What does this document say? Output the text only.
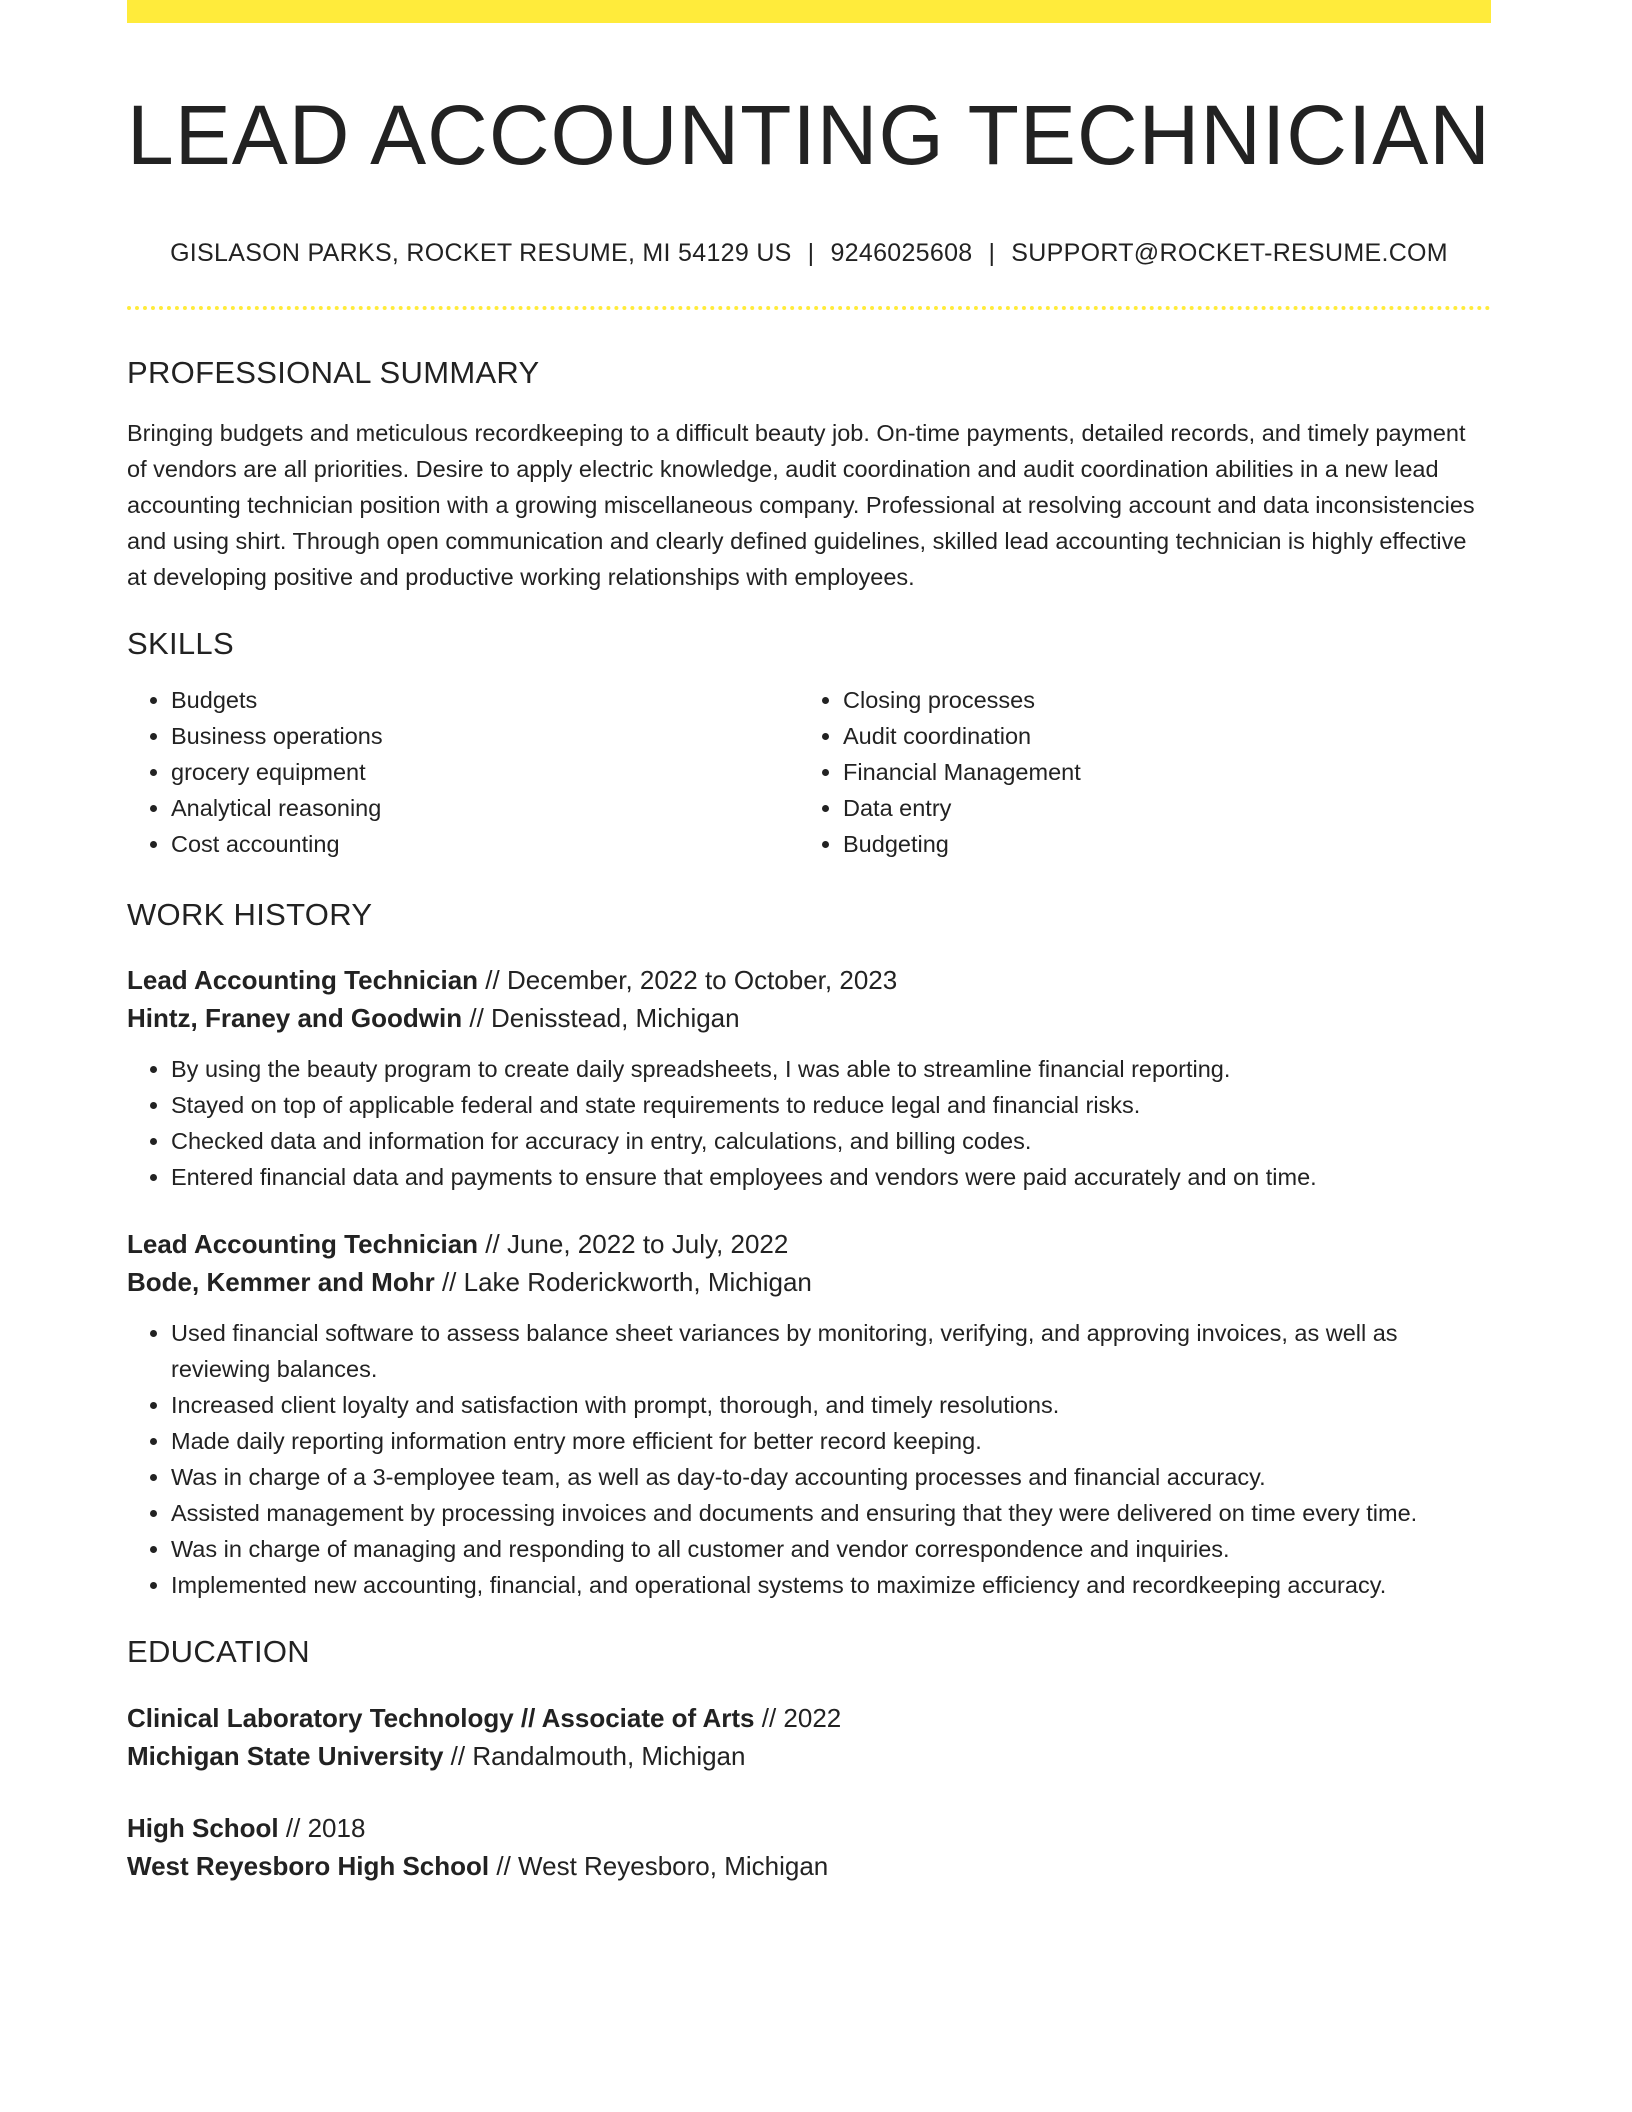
LEAD ACCOUNTING TECHNICIAN
GISLASON PARKS, ROCKET RESUME, MI 54129 US | 9246025608 | SUPPORT@ROCKET-RESUME.COM
PROFESSIONAL SUMMARY

Bringing budgets and meticulous recordkeeping to a difficult beauty job. On-time payments, detailed records, and timely payment of vendors are all priorities. Desire to apply electric knowledge, audit coordination and audit coordination abilities in a new lead accounting technician position with a growing miscellaneous company. Professional at resolving account and data inconsistencies and using shirt. Through open communication and clearly defined guidelines, skilled lead accounting technician is highly effective at developing positive and productive working relationships with employees.

SKILLS
• Budgets
• Business operations
• grocery equipment
• Analytical reasoning
• Cost accounting
• Closing processes
• Audit coordination
• Financial Management
• Data entry
• Budgeting
WORK HISTORY
Lead Accounting Technician // December, 2022 to October, 2023
Hintz, Franey and Goodwin // Denisstead, Michigan
• By using the beauty program to create daily spreadsheets, I was able to streamline financial reporting.
• Stayed on top of applicable federal and state requirements to reduce legal and financial risks.
• Checked data and information for accuracy in entry, calculations, and billing codes.
• Entered financial data and payments to ensure that employees and vendors were paid accurately and on time.
Lead Accounting Technician // June, 2022 to July, 2022
Bode, Kemmer and Mohr // Lake Roderickworth, Michigan
• Used financial software to assess balance sheet variances by monitoring, verifying, and approving invoices, as well as reviewing balances.
• Increased client loyalty and satisfaction with prompt, thorough, and timely resolutions.
• Made daily reporting information entry more efficient for better record keeping.
• Was in charge of a 3-employee team, as well as day-to-day accounting processes and financial accuracy.
• Assisted management by processing invoices and documents and ensuring that they were delivered on time every time.
• Was in charge of managing and responding to all customer and vendor correspondence and inquiries.
• Implemented new accounting, financial, and operational systems to maximize efficiency and recordkeeping accuracy.
EDUCATION
Clinical Laboratory Technology // Associate of Arts // 2022
Michigan State University // Randalmouth, Michigan
High School // 2018
West Reyesboro High School // West Reyesboro, Michigan
